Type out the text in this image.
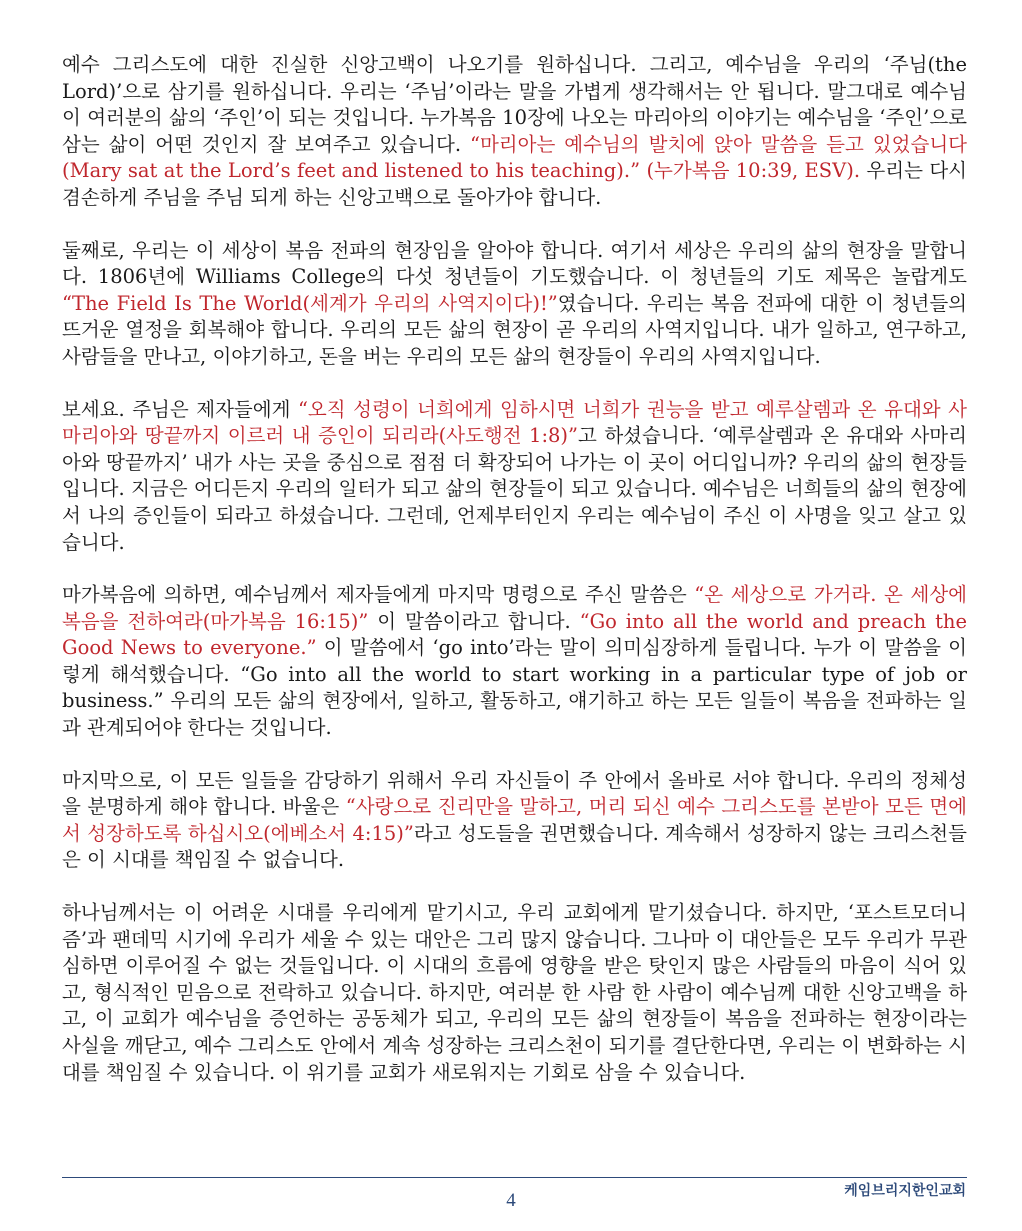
예수 그리스도에 대한 진실한 신앙고백이 나오기를 원하십니다. 그리고, 예수님을 우리의 ‘주님(the Lord)’으로 삼기를 원하십니다. 우리는 ‘주님’이라는 말을 가볍게 생각해서는 안 됩니다. 말그대로 예수님이 여러분의 삶의 ‘주인’이 되는 것입니다. 누가복음 10장에 나오는 마리아의 이야기는 예수님을 ‘주인’으로 삼는 삶이 어떤 것인지 잘 보여주고 있습니다. “마리아는 예수님의 발치에 앉아 말씀을 듣고 있었습니다(Mary sat at the Lord’s feet and listened to his teaching).” (누가복음 10:39, ESV). 우리는 다시 겸손하게 주님을 주님 되게 하는 신앙고백으로 돌아가야 합니다.

둘째로, 우리는 이 세상이 복음 전파의 현장임을 알아야 합니다. 여기서 세상은 우리의 삶의 현장을 말합니다. 1806년에 Williams College의 다섯 청년들이 기도했습니다. 이 청년들의 기도 제목은 놀랍게도 “The Field Is The World(세계가 우리의 사역지이다)!”였습니다. 우리는 복음 전파에 대한 이 청년들의 뜨거운 열정을 회복해야 합니다. 우리의 모든 삶의 현장이 곧 우리의 사역지입니다. 내가 일하고, 연구하고, 사람들을 만나고, 이야기하고, 돈을 버는 우리의 모든 삶의 현장들이 우리의 사역지입니다.

보세요. 주님은 제자들에게 “오직 성령이 너희에게 임하시면 너희가 권능을 받고 예루살렘과 온 유대와 사마리아와 땅끝까지 이르러 내 증인이 되리라(사도행전 1:8)”고 하셨습니다. ‘예루살렘과 온 유대와 사마리아와 땅끝까지’ 내가 사는 곳을 중심으로 점점 더 확장되어 나가는 이 곳이 어디입니까? 우리의 삶의 현장들입니다. 지금은 어디든지 우리의 일터가 되고 삶의 현장들이 되고 있습니다. 예수님은 너희들의 삶의 현장에서 나의 증인들이 되라고 하셨습니다. 그런데, 언제부터인지 우리는 예수님이 주신 이 사명을 잊고 살고 있습니다.

마가복음에 의하면, 예수님께서 제자들에게 마지막 명령으로 주신 말씀은 “온 세상으로 가거라. 온 세상에 복음을 전하여라(마가복음 16:15)” 이 말씀이라고 합니다. “Go into all the world and preach the Good News to everyone.” 이 말씀에서 ‘go into’라는 말이 의미심장하게 들립니다. 누가 이 말씀을 이렇게 해석했습니다. “Go into all the world to start working in a particular type of job or business.” 우리의 모든 삶의 현장에서, 일하고, 활동하고, 얘기하고 하는 모든 일들이 복음을 전파하는 일과 관계되어야 한다는 것입니다.

마지막으로, 이 모든 일들을 감당하기 위해서 우리 자신들이 주 안에서 올바로 서야 합니다. 우리의 정체성을 분명하게 해야 합니다. 바울은 “사랑으로 진리만을 말하고, 머리 되신 예수 그리스도를 본받아 모든 면에서 성장하도록 하십시오(에베소서 4:15)”라고 성도들을 권면했습니다. 계속해서 성장하지 않는 크리스천들은 이 시대를 책임질 수 없습니다.

하나님께서는 이 어려운 시대를 우리에게 맡기시고, 우리 교회에게 맡기셨습니다. 하지만, ‘포스트모더니즘’과 팬데믹 시기에 우리가 세울 수 있는 대안은 그리 많지 않습니다. 그나마 이 대안들은 모두 우리가 무관심하면 이루어질 수 없는 것들입니다. 이 시대의 흐름에 영향을 받은 탓인지 많은 사람들의 마음이 식어 있고, 형식적인 믿음으로 전락하고 있습니다. 하지만, 여러분 한 사람 한 사람이 예수님께 대한 신앙고백을 하고, 이 교회가 예수님을 증언하는 공동체가 되고, 우리의 모든 삶의 현장들이 복음을 전파하는 현장이라는 사실을 깨닫고, 예수 그리스도 안에서 계속 성장하는 크리스천이 되기를 결단한다면, 우리는 이 변화하는 시대를 책임질 수 있습니다. 이 위기를 교회가 새로워지는 기회로 삼을 수 있습니다.

4	케임브리지한인교회
